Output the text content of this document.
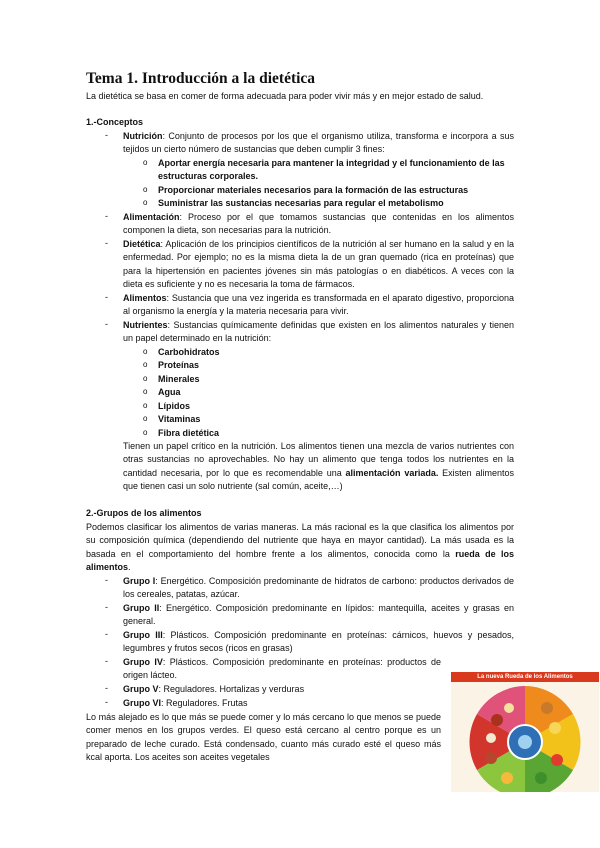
Tema 1. Introducción a la dietética

La dietética se basa en comer de forma adecuada para poder vivir más y en mejor estado de salud.

1.-Conceptos

- Nutrición: Conjunto de procesos por los que el organismo utiliza, transforma e incorpora a sus tejidos un cierto número de sustancias que deben cumplir 3 fines:
o Aportar energía necesaria para mantener la integridad y el funcionamiento de las estructuras corporales.
o Proporcionar materiales necesarios para la formación de las estructuras
o Suministrar las sustancias necesarias para regular el metabolismo
- Alimentación: Proceso por el que tomamos sustancias que contenidas en los alimentos componen la dieta, son necesarias para la nutrición.
- Dietética: Aplicación de los principios científicos de la nutrición al ser humano en la salud y en la enfermedad. Por ejemplo; no es la misma dieta la de un gran quemado (rica en proteínas) que para la hipertensión en pacientes jóvenes sin más patologías o en diabéticos. A veces con la dieta es suficiente y no es necesaria la toma de fármacos.
- Alimentos: Sustancia que una vez ingerida es transformada en el aparato digestivo, proporciona al organismo la energía y la materia necesaria para vivir.
- Nutrientes: Sustancias químicamente definidas que existen en los alimentos naturales y tienen un papel determinado en la nutrición:
o Carbohidratos
o Proteínas
o Minerales
o Agua
o Lípidos
o Vitaminas
o Fibra dietética
Tienen un papel crítico en la nutrición. Los alimentos tienen una mezcla de varios nutrientes con otras sustancias no aprovechables. No hay un alimento que tenga todos los nutrientes en la cantidad necesaria, por lo que es recomendable una alimentación variada. Existen alimentos que tienen casi un solo nutriente (sal común, aceite,…)

2.-Grupos de los alimentos

Podemos clasificar los alimentos de varias maneras. La más racional es la que clasifica los alimentos por su composición química (dependiendo del nutriente que haya en mayor cantidad). La más usada es la basada en el comportamiento del hombre frente a los alimentos, conocida como la rueda de los alimentos.
- Grupo I: Energético. Composición predominante de hidratos de carbono: productos derivados de los cereales, patatas, azúcar.
- Grupo II: Energético. Composición predominante en lípidos: mantequilla, aceites y grasas en general.
- Grupo III: Plásticos. Composición predominante en proteínas: cárnicos, huevos y pesados, legumbres y frutos secos (ricos en grasas)
- Grupo IV: Plásticos. Composición predominante en proteínas: productos de origen lácteo.
- Grupo V: Reguladores. Hortalizas y verduras
- Grupo VI: Reguladores. Frutas

Lo más alejado es lo que más se puede comer y lo más cercano lo que menos se puede comer menos en los grupos verdes. El queso está cercano al centro porque es un preparado de leche curado. Está condensado, cuanto más curado esté el queso más kcal aporta. Los aceites son aceites vegetales

La nueva Rueda de los Alimentos
